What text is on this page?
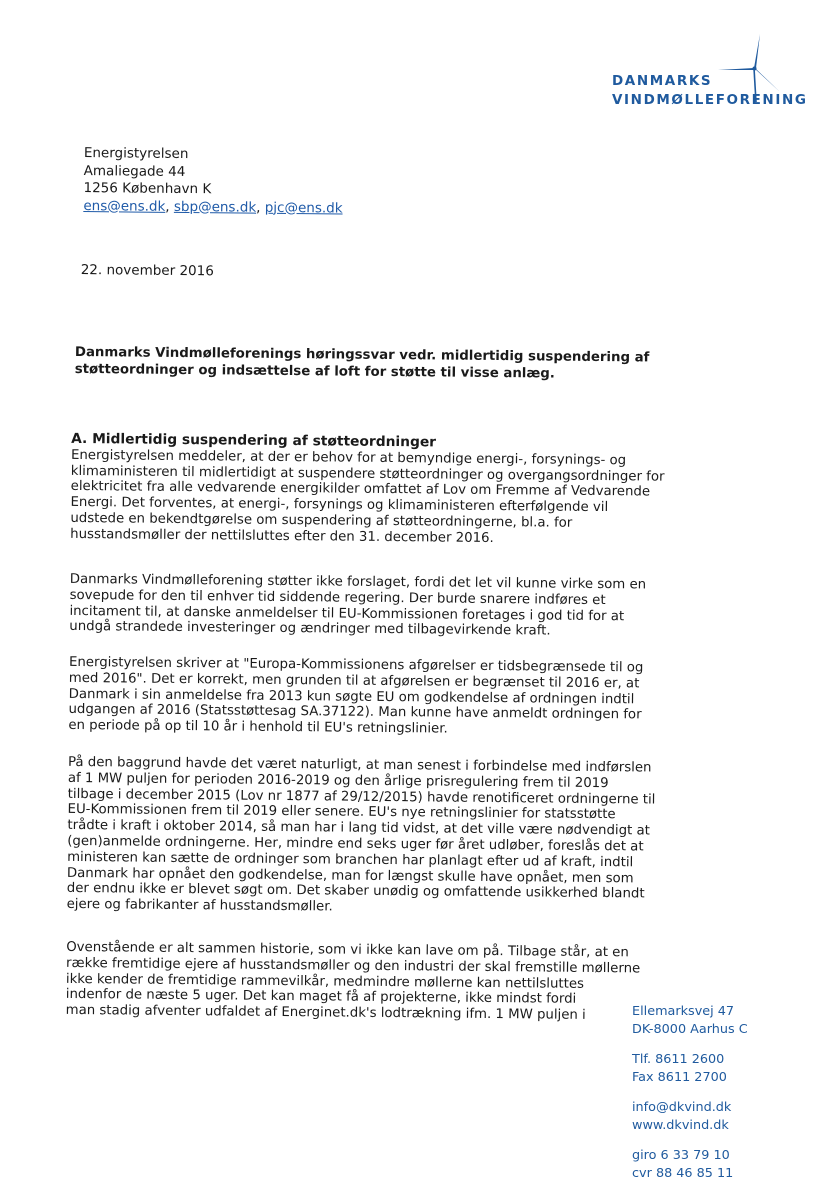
DANMARKS
VINDMØLLEFORENING
Energistyrelsen
Amaliegade 44
1256 København K
ens@ens.dk, sbp@ens.dk, pjc@ens.dk
22. november 2016
Danmarks Vindmølleforenings høringssvar vedr. midlertidig suspendering af
støtteordninger og indsættelse af loft for støtte til visse anlæg.
A. Midlertidig suspendering af støtteordninger
Energistyrelsen meddeler, at der er behov for at bemyndige energi-, forsynings- og
klimaministeren til midlertidigt at suspendere støtteordninger og overgangsordninger for
elektricitet fra alle vedvarende energikilder omfattet af Lov om Fremme af Vedvarende
Energi. Det forventes, at energi-, forsynings og klimaministeren efterfølgende vil
udstede en bekendtgørelse om suspendering af støtteordningerne, bl.a. for
husstandsmøller der nettilsluttes efter den 31. december 2016.
Danmarks Vindmølleforening støtter ikke forslaget, fordi det let vil kunne virke som en
sovepude for den til enhver tid siddende regering. Der burde snarere indføres et
incitament til, at danske anmeldelser til EU-Kommissionen foretages i god tid for at
undgå strandede investeringer og ændringer med tilbagevirkende kraft.
Energistyrelsen skriver at "Europa-Kommissionens afgørelser er tidsbegrænsede til og
med 2016". Det er korrekt, men grunden til at afgørelsen er begrænset til 2016 er, at
Danmark i sin anmeldelse fra 2013 kun søgte EU om godkendelse af ordningen indtil
udgangen af 2016 (Statsstøttesag SA.37122). Man kunne have anmeldt ordningen for
en periode på op til 10 år i henhold til EU's retningslinier.
På den baggrund havde det været naturligt, at man senest i forbindelse med indførslen
af 1 MW puljen for perioden 2016-2019 og den årlige prisregulering frem til 2019
tilbage i december 2015 (Lov nr 1877 af 29/12/2015) havde renotificeret ordningerne til
EU-Kommissionen frem til 2019 eller senere. EU's nye retningslinier for statsstøtte
trådte i kraft i oktober 2014, så man har i lang tid vidst, at det ville være nødvendigt at
(gen)anmelde ordningerne. Her, mindre end seks uger før året udløber, foreslås det at
ministeren kan sætte de ordninger som branchen har planlagt efter ud af kraft, indtil
Danmark har opnået den godkendelse, man for længst skulle have opnået, men som
der endnu ikke er blevet søgt om. Det skaber unødig og omfattende usikkerhed blandt
ejere og fabrikanter af husstandsmøller.
Ovenstående er alt sammen historie, som vi ikke kan lave om på. Tilbage står, at en
række fremtidige ejere af husstandsmøller og den industri der skal fremstille møllerne
ikke kender de fremtidige rammevilkår, medmindre møllerne kan nettilsluttes
indenfor de næste 5 uger. Det kan maget få af projekterne, ikke mindst fordi
man stadig afventer udfaldet af Energinet.dk's lodtrækning ifm. 1 MW puljen i	Ellemarksvej 47
DK-8000 Aarhus C
Tlf. 8611 2600
Fax 8611 2700
info@dkvind.dk
www.dkvind.dk
giro 6 33 79 10
cvr 88 46 85 11
